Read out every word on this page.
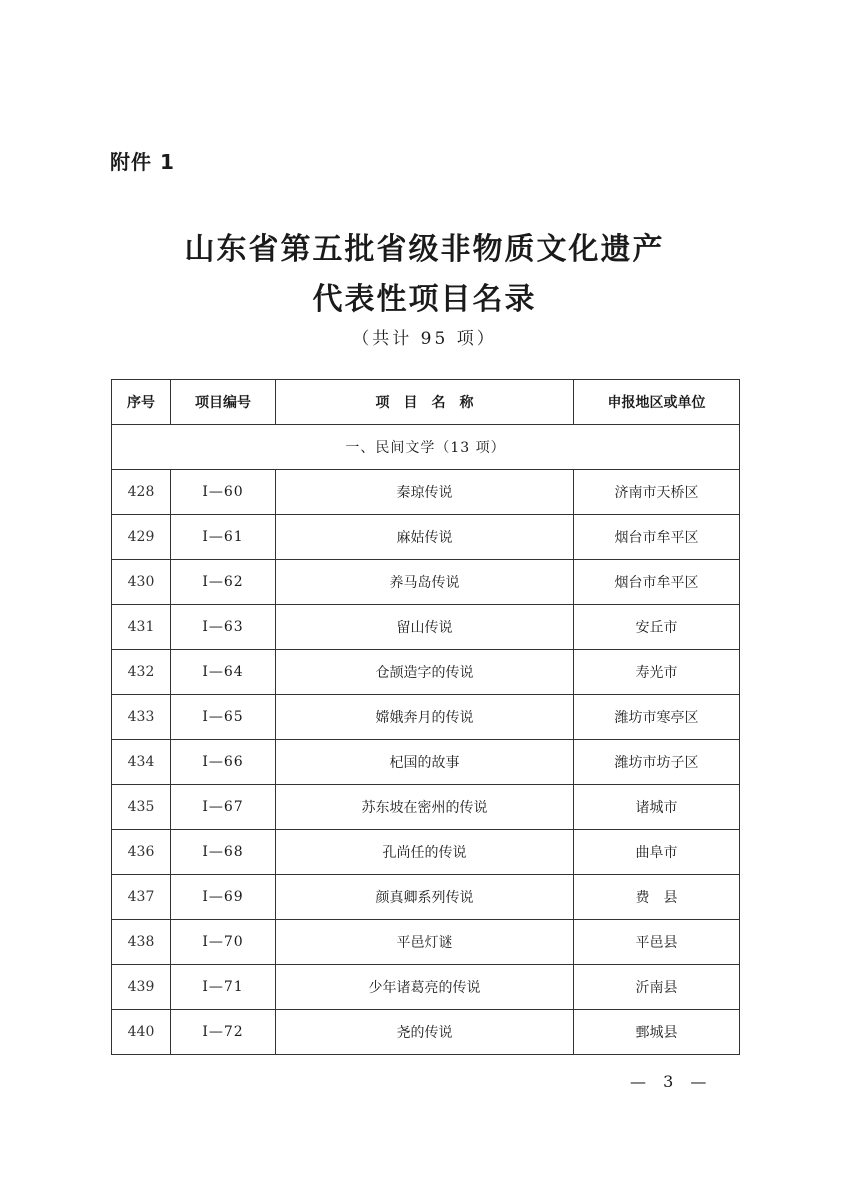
附件 1
山东省第五批省级非物质文化遗产
代表性项目名录
（共计 95 项）
序号	项目编号	项　目　名　称	申报地区或单位
一、民间文学（13 项）			
428	Ⅰ—60	秦琼传说	济南市天桥区
429	Ⅰ—61	麻姑传说	烟台市牟平区
430	Ⅰ—62	养马岛传说	烟台市牟平区
431	Ⅰ—63	留山传说	安丘市
432	Ⅰ—64	仓颉造字的传说	寿光市
433	Ⅰ—65	嫦娥奔月的传说	潍坊市寒亭区
434	Ⅰ—66	杞国的故事	潍坊市坊子区
435	Ⅰ—67	苏东坡在密州的传说	诸城市
436	Ⅰ—68	孔尚任的传说	曲阜市
437	Ⅰ—69	颜真卿系列传说	费　县
438	Ⅰ—70	平邑灯谜	平邑县
439	Ⅰ—71	少年诸葛亮的传说	沂南县
440	Ⅰ—72	尧的传说	鄄城县
— 3 —
